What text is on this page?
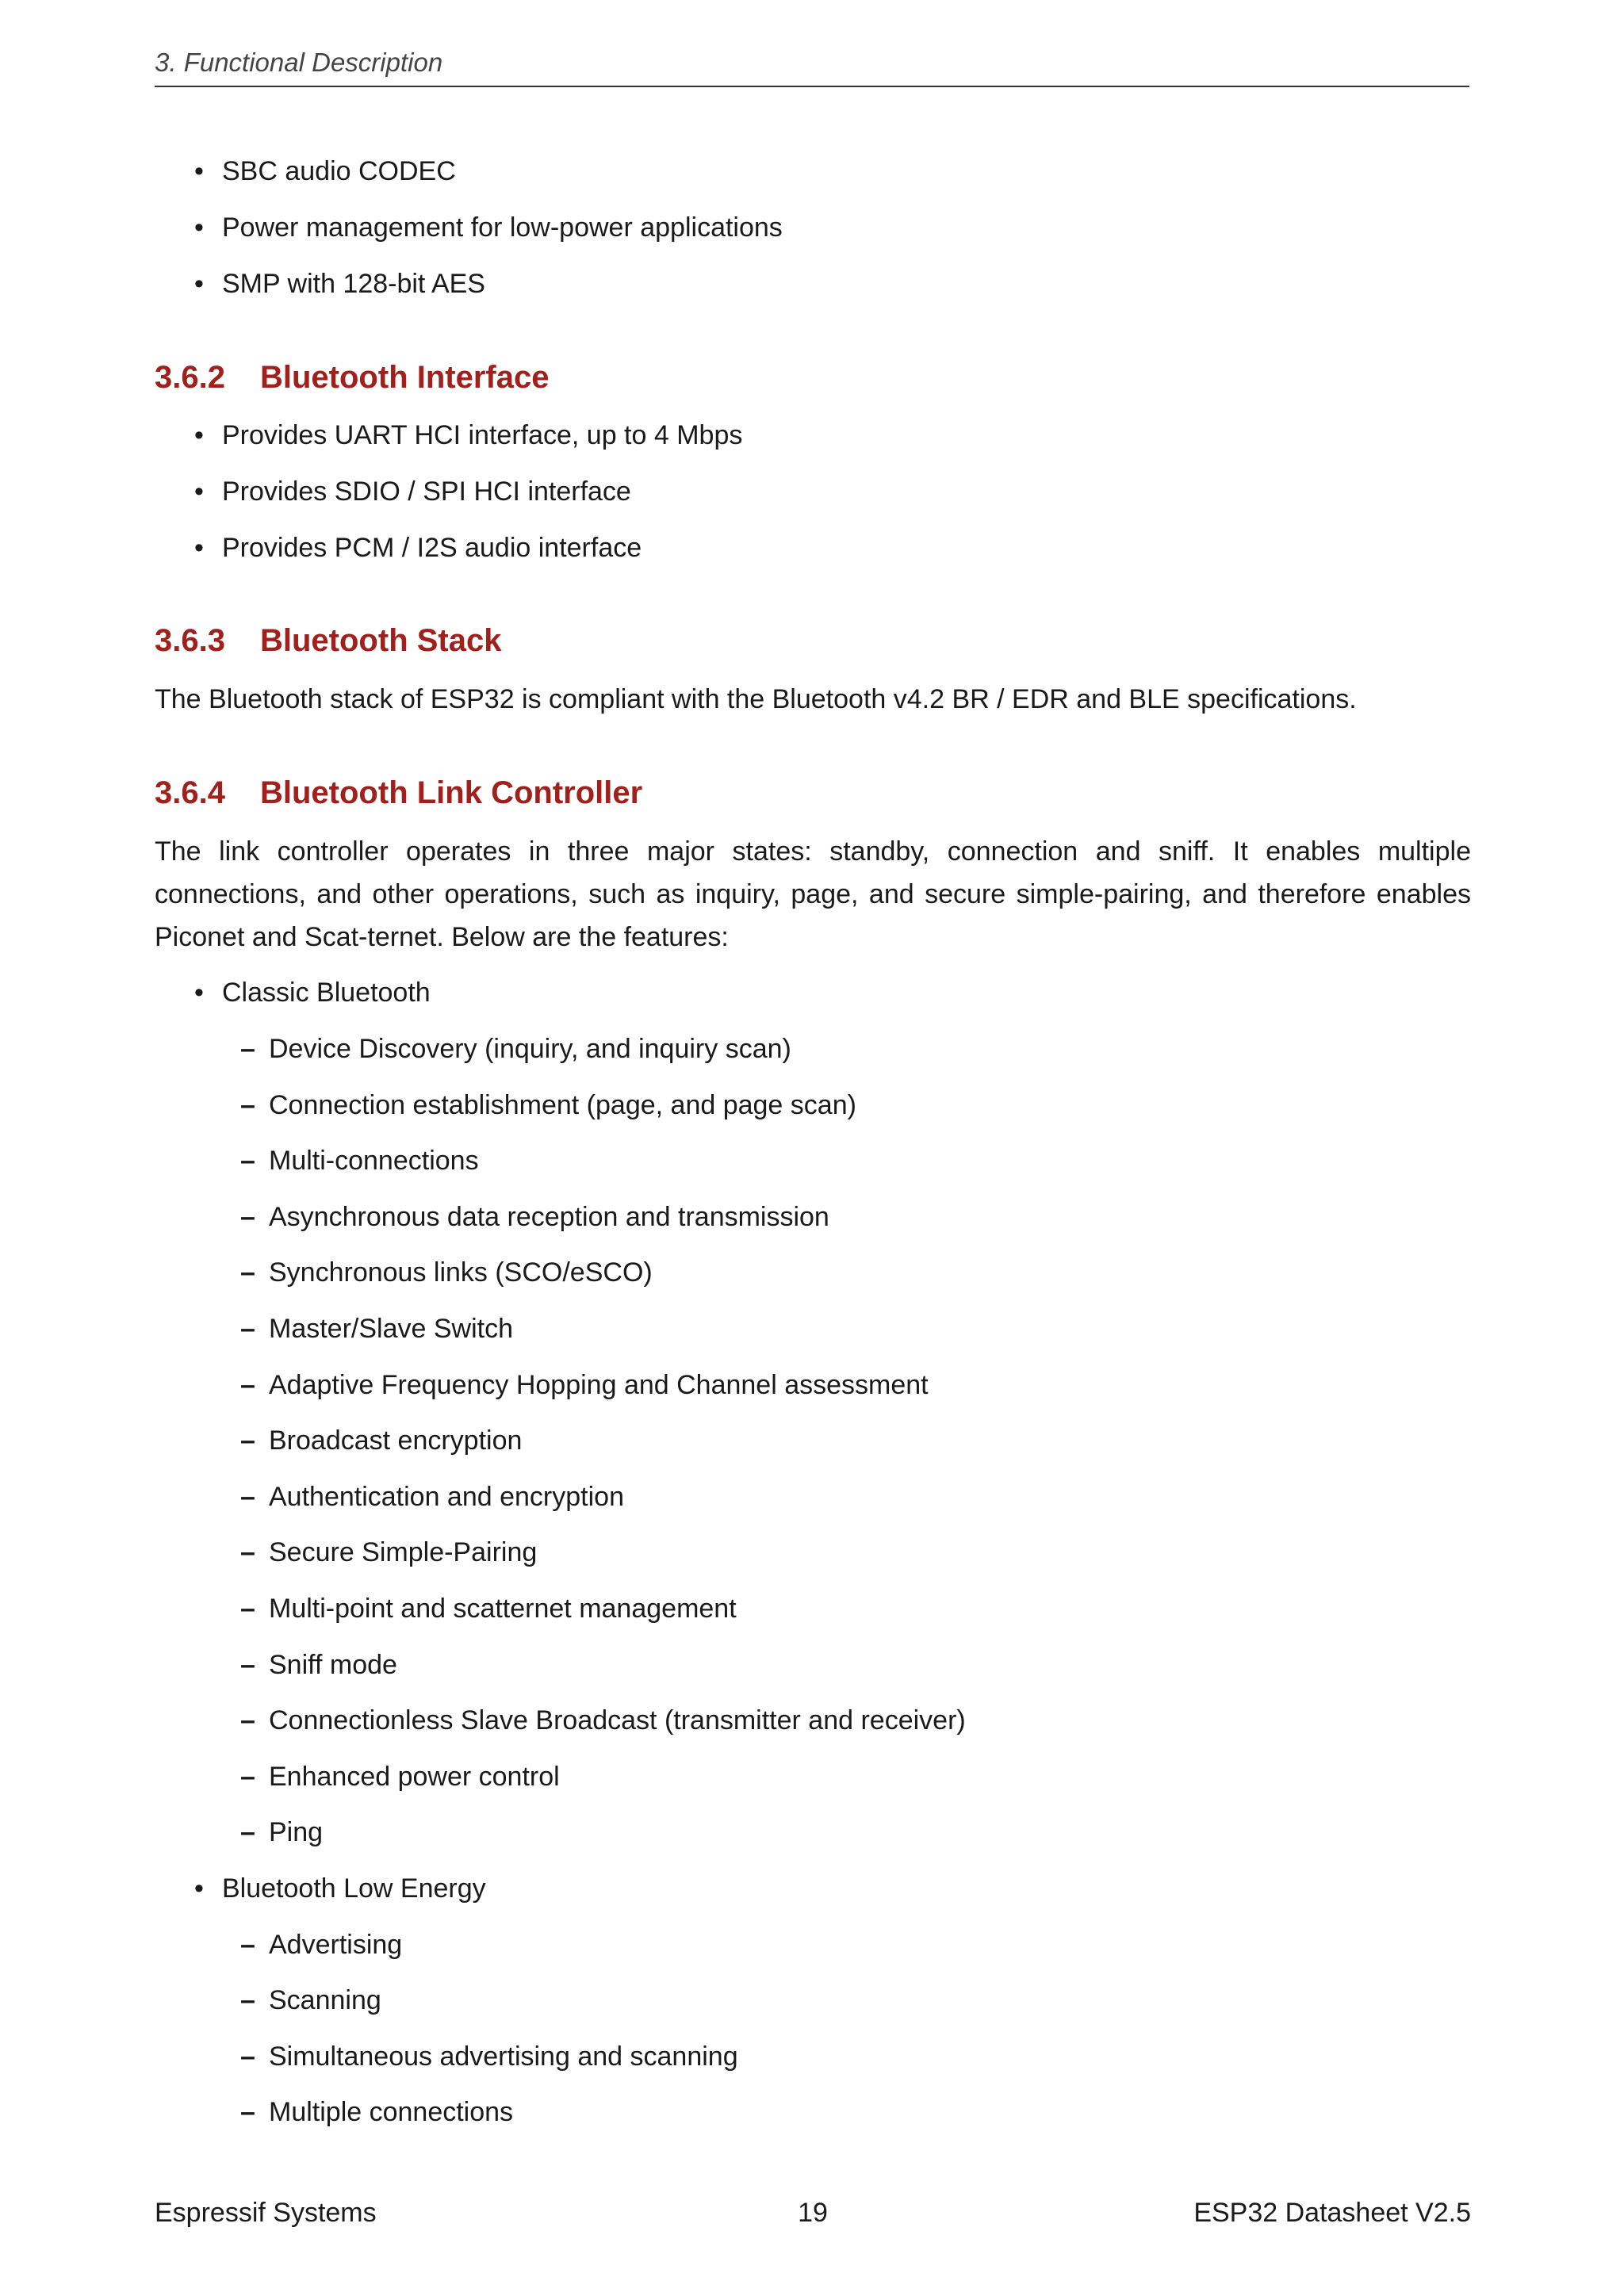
3. Functional Description
• SBC audio CODEC
• Power management for low-power applications
• SMP with 128-bit AES
3.6.2 Bluetooth Interface
• Provides UART HCI interface, up to 4 Mbps
• Provides SDIO / SPI HCI interface
• Provides PCM / I2S audio interface
3.6.3 Bluetooth Stack
The Bluetooth stack of ESP32 is compliant with the Bluetooth v4.2 BR / EDR and BLE specifications.
3.6.4 Bluetooth Link Controller
The link controller operates in three major states: standby, connection and sniff. It enables multiple connections, and other operations, such as inquiry, page, and secure simple-pairing, and therefore enables Piconet and Scat-ternet. Below are the features:
• Classic Bluetooth
– Device Discovery (inquiry, and inquiry scan)
– Connection establishment (page, and page scan)
– Multi-connections
– Asynchronous data reception and transmission
– Synchronous links (SCO/eSCO)
– Master/Slave Switch
– Adaptive Frequency Hopping and Channel assessment
– Broadcast encryption
– Authentication and encryption
– Secure Simple-Pairing
– Multi-point and scatternet management
– Sniff mode
– Connectionless Slave Broadcast (transmitter and receiver)
– Enhanced power control
– Ping
• Bluetooth Low Energy
– Advertising
– Scanning
– Simultaneous advertising and scanning
– Multiple connections
Espressif Systems	19	ESP32 Datasheet V2.5
